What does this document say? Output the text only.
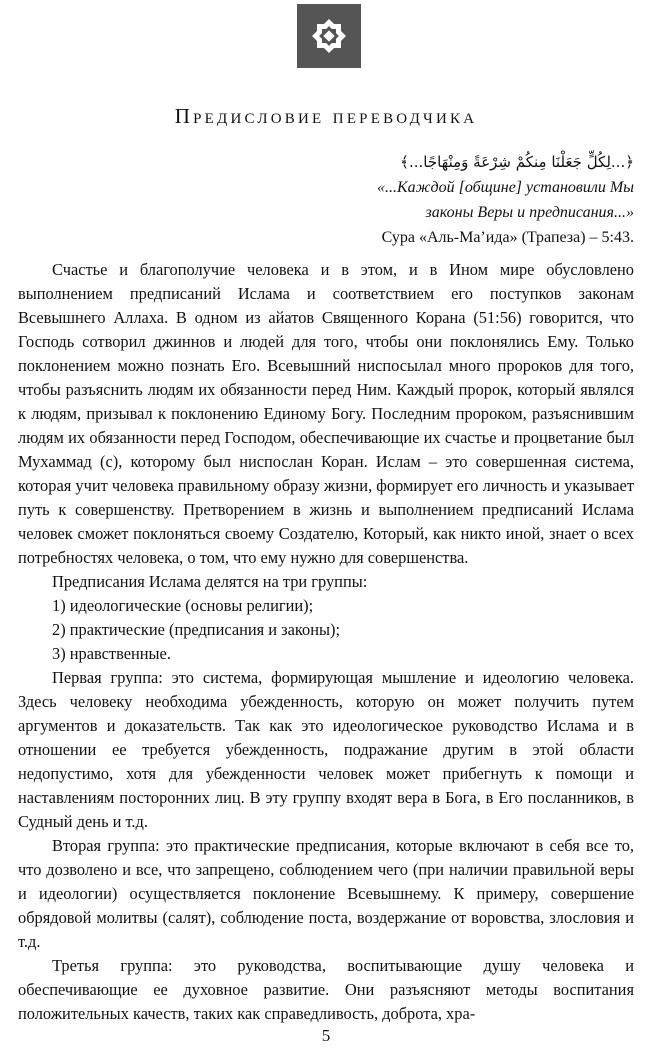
Предисловие переводчика
﴿...لِكُلٍّ جَعَلْنَا مِنكُمْ شِرْعَةً وَمِنْهَاجًا...﴾
«...Каждой [общине] установили Мы
законы Веры и предписания...»
Сура «Аль-Ма’ида» (Трапеза) – 5:43.

Счастье и благополучие человека и в этом, и в Ином мире обусловлено выполнением предписаний Ислама и соответствием его поступков законам Всевышнего Аллаха. В одном из айатов Священного Корана (51:56) говорится, что Господь сотворил джиннов и людей для того, чтобы они поклонялись Ему. Только поклонением можно познать Его. Всевышний ниспосылал много пророков для того, чтобы разъяснить людям их обязанности перед Ним. Каждый пророк, который являлся к людям, призывал к поклонению Единому Богу. Последним пророком, разъяснившим людям их обязанности перед Господом, обеспечивающие их счастье и процветание был Мухаммад (с), которому был ниспослан Коран. Ислам – это совершенная система, которая учит человека правильному образу жизни, формирует его личность и указывает путь к совершенству. Претворением в жизнь и выполнением предписаний Ислама человек сможет поклоняться своему Создателю, Который, как никто иной, знает о всех потребностях человека, о том, что ему нужно для совершенства.

Предписания Ислама делятся на три группы:

1) идеологические (основы религии);

2) практические (предписания и законы);

3) нравственные.

Первая группа: это система, формирующая мышление и идеологию человека. Здесь человеку необходима убежденность, которую он может получить путем аргументов и доказательств. Так как это идеологическое руководство Ислама и в отношении ее требуется убежденность, подражание другим в этой области недопустимо, хотя для убежденности человек может прибегнуть к помощи и наставлениям посторонних лиц. В эту группу входят вера в Бога, в Его посланников, в Судный день и т.д.

Вторая группа: это практические предписания, которые включают в себя все то, что дозволено и все, что запрещено, соблюдением чего (при наличии правильной веры и идеологии) осуществляется поклонение Всевышнему. К примеру, совершение обрядовой молитвы (салят), соблюдение поста, воздержание от воровства, злословия и т.д.

Третья группа: это руководства, воспитывающие душу человека и обеспечивающие ее духовное развитие. Они разъясняют методы воспитания положительных качеств, таких как справедливость, доброта, хра-

5
